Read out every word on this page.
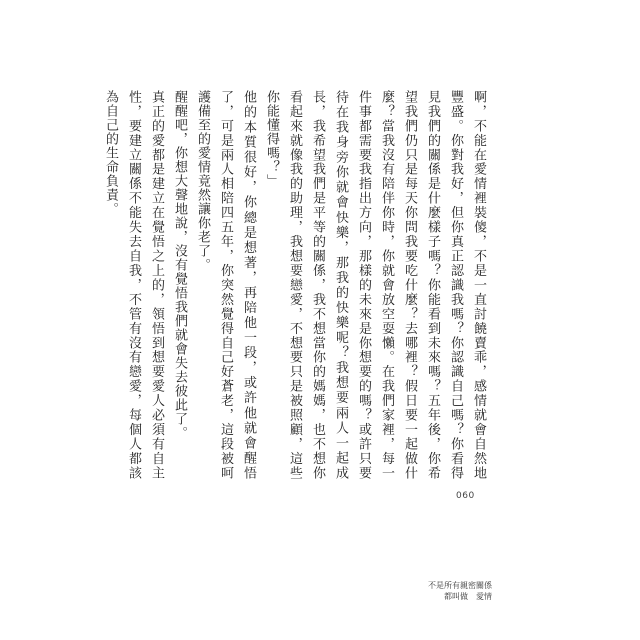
啊，不能在愛情裡裝傻，不是一直討饒賣乖，感情就會自然地豐盛。你對我好，但你真正認識我嗎？你認識自己嗎？你看得見我們的關係是什麼樣子嗎？你能看到未來嗎？五年後，你希望我們仍只是每天你問我要吃什麼？去哪裡？假日要一起做什麼？當我沒有陪伴你時，你就會放空耍懶。在我們家裡，每一件事都需要我指出方向，那樣的未來是你想要的嗎？或許只要待在我身旁你就會快樂，那我的快樂呢？我想要兩人一起成長，我希望我們是平等的關係，我不想當你的媽媽，也不想你看起來就像我的助理，我想要戀愛，不想要只是被照顧，這些你能懂得嗎？」

他的本質很好，你總是想著，再陪他一段，或許他就會醒悟了，可是兩人相陪四五年，你突然覺得自己好蒼老，這段被呵護備至的愛情竟然讓你老了。

醒醒吧，你想大聲地說，沒有覺悟我們就會失去彼此了。

真正的愛都是建立在覺悟之上的，領悟到想要愛人必須有自主性，要建立關係不能失去自我，不管有沒有戀愛，每個人都該為自己的生命負責。

060
不是所有親密關係
都叫做　愛情
